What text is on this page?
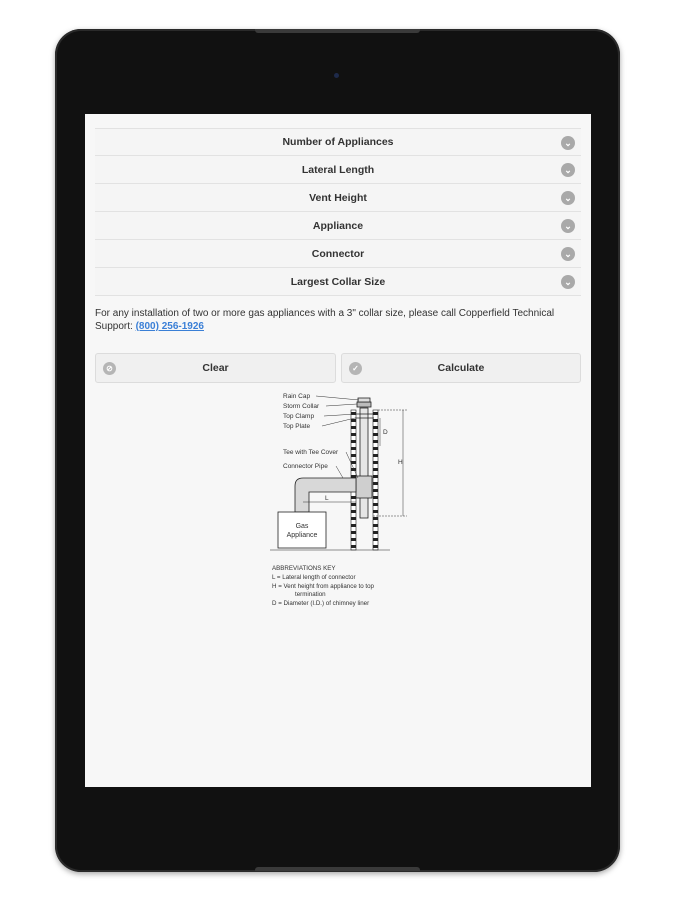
Number of Appliances	⌄
Lateral Length	⌄
Vent Height	⌄
Appliance	⌄
Connector	⌄
Largest Collar Size	⌄
For any installation of two or more gas appliances with a 3" collar size, please call Copperfield Technical Support: (800) 256-1926
⊘	Clear	✓	Calculate
Gas
Appliance
Rain Cap
Storm Collar
Top Clamp
Top Plate
Tee with Tee Cover
Connector Pipe
D
H
L
ABBREVIATIONS KEY
L = Lateral length of connector
H = Vent height from appliance to top
termination
D = Diameter (I.D.) of chimney liner
